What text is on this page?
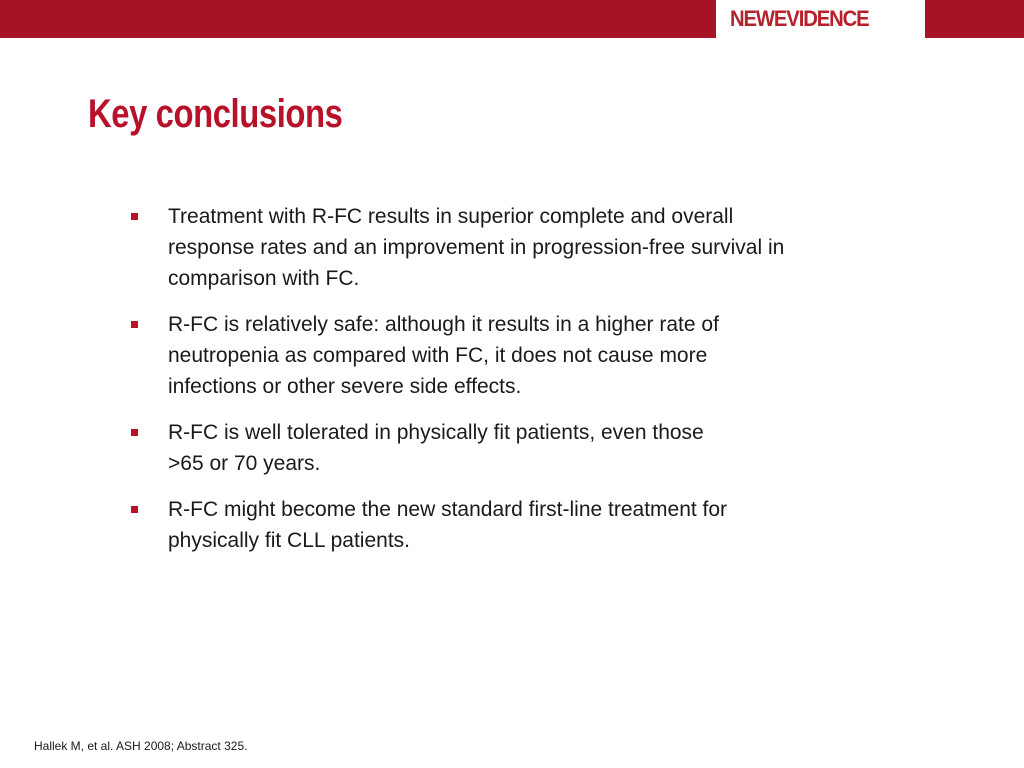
NEW EVIDENCE
Key conclusions
Treatment with R-FC results in superior complete and overall
response rates and an improvement in progression-free survival in
comparison with FC.
R-FC is relatively safe: although it results in a higher rate of
neutropenia as compared with FC, it does not cause more
infections or other severe side effects.
R-FC is well tolerated in physically fit patients, even those
>65 or 70 years.
R-FC might become the new standard first-line treatment for
physically fit CLL patients.
Hallek M, et al. ASH 2008; Abstract 325.
